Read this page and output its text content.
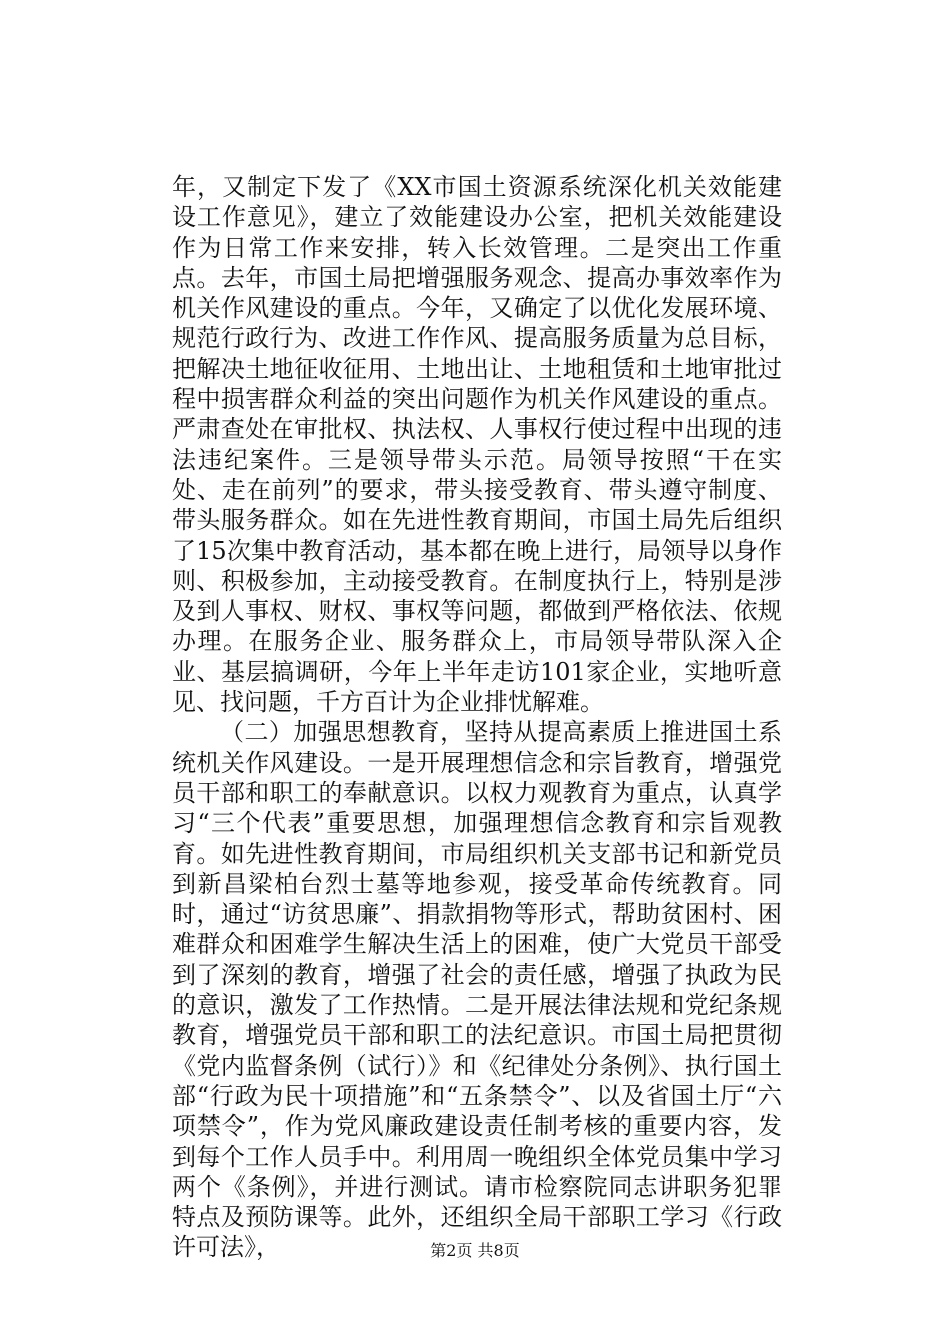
年，又制定下发了《XX市国土资源系统深化机关效能建设工作意见》，建立了效能建设办公室，把机关效能建设作为日常工作来安排，转入长效管理。二是突出工作重点。去年，市国土局把增强服务观念、提高办事效率作为机关作风建设的重点。今年，又确定了以优化发展环境、规范行政行为、改进工作作风、提高服务质量为总目标，把解决土地征收征用、土地出让、土地租赁和土地审批过程中损害群众利益的突出问题作为机关作风建设的重点。严肃查处在审批权、执法权、人事权行使过程中出现的违法违纪案件。三是领导带头示范。局领导按照“干在实处、走在前列”的要求，带头接受教育、带头遵守制度、带头服务群众。如在先进性教育期间，市国土局先后组织了15次集中教育活动，基本都在晚上进行，局领导以身作则、积极参加，主动接受教育。在制度执行上，特别是涉及到人事权、财权、事权等问题，都做到严格依法、依规办理。在服务企业、服务群众上，市局领导带队深入企业、基层搞调研，今年上半年走访101家企业，实地听意见、找问题，千方百计为企业排忧解难。

（二）加强思想教育，坚持从提高素质上推进国土系统机关作风建设。一是开展理想信念和宗旨教育，增强党员干部和职工的奉献意识。以权力观教育为重点，认真学习“三个代表”重要思想，加强理想信念教育和宗旨观教育。如先进性教育期间，市局组织机关支部书记和新党员到新昌梁柏台烈士墓等地参观，接受革命传统教育。同时，通过“访贫思廉”、捐款捐物等形式，帮助贫困村、困难群众和困难学生解决生活上的困难，使广大党员干部受到了深刻的教育，增强了社会的责任感，增强了执政为民的意识，激发了工作热情。二是开展法律法规和党纪条规教育，增强党员干部和职工的法纪意识。市国土局把贯彻《党内监督条例（试行）》和《纪律处分条例》、执行国土部“行政为民十项措施”和“五条禁令”、以及省国土厅“六项禁令”，作为党风廉政建设责任制考核的重要内容，发到每个工作人员手中。利用周一晚组织全体党员集中学习两个《条例》，并进行测试。请市检察院同志讲职务犯罪特点及预防课等。此外，还组织全局干部职工学习《行政许可法》，	第2页 共8页
